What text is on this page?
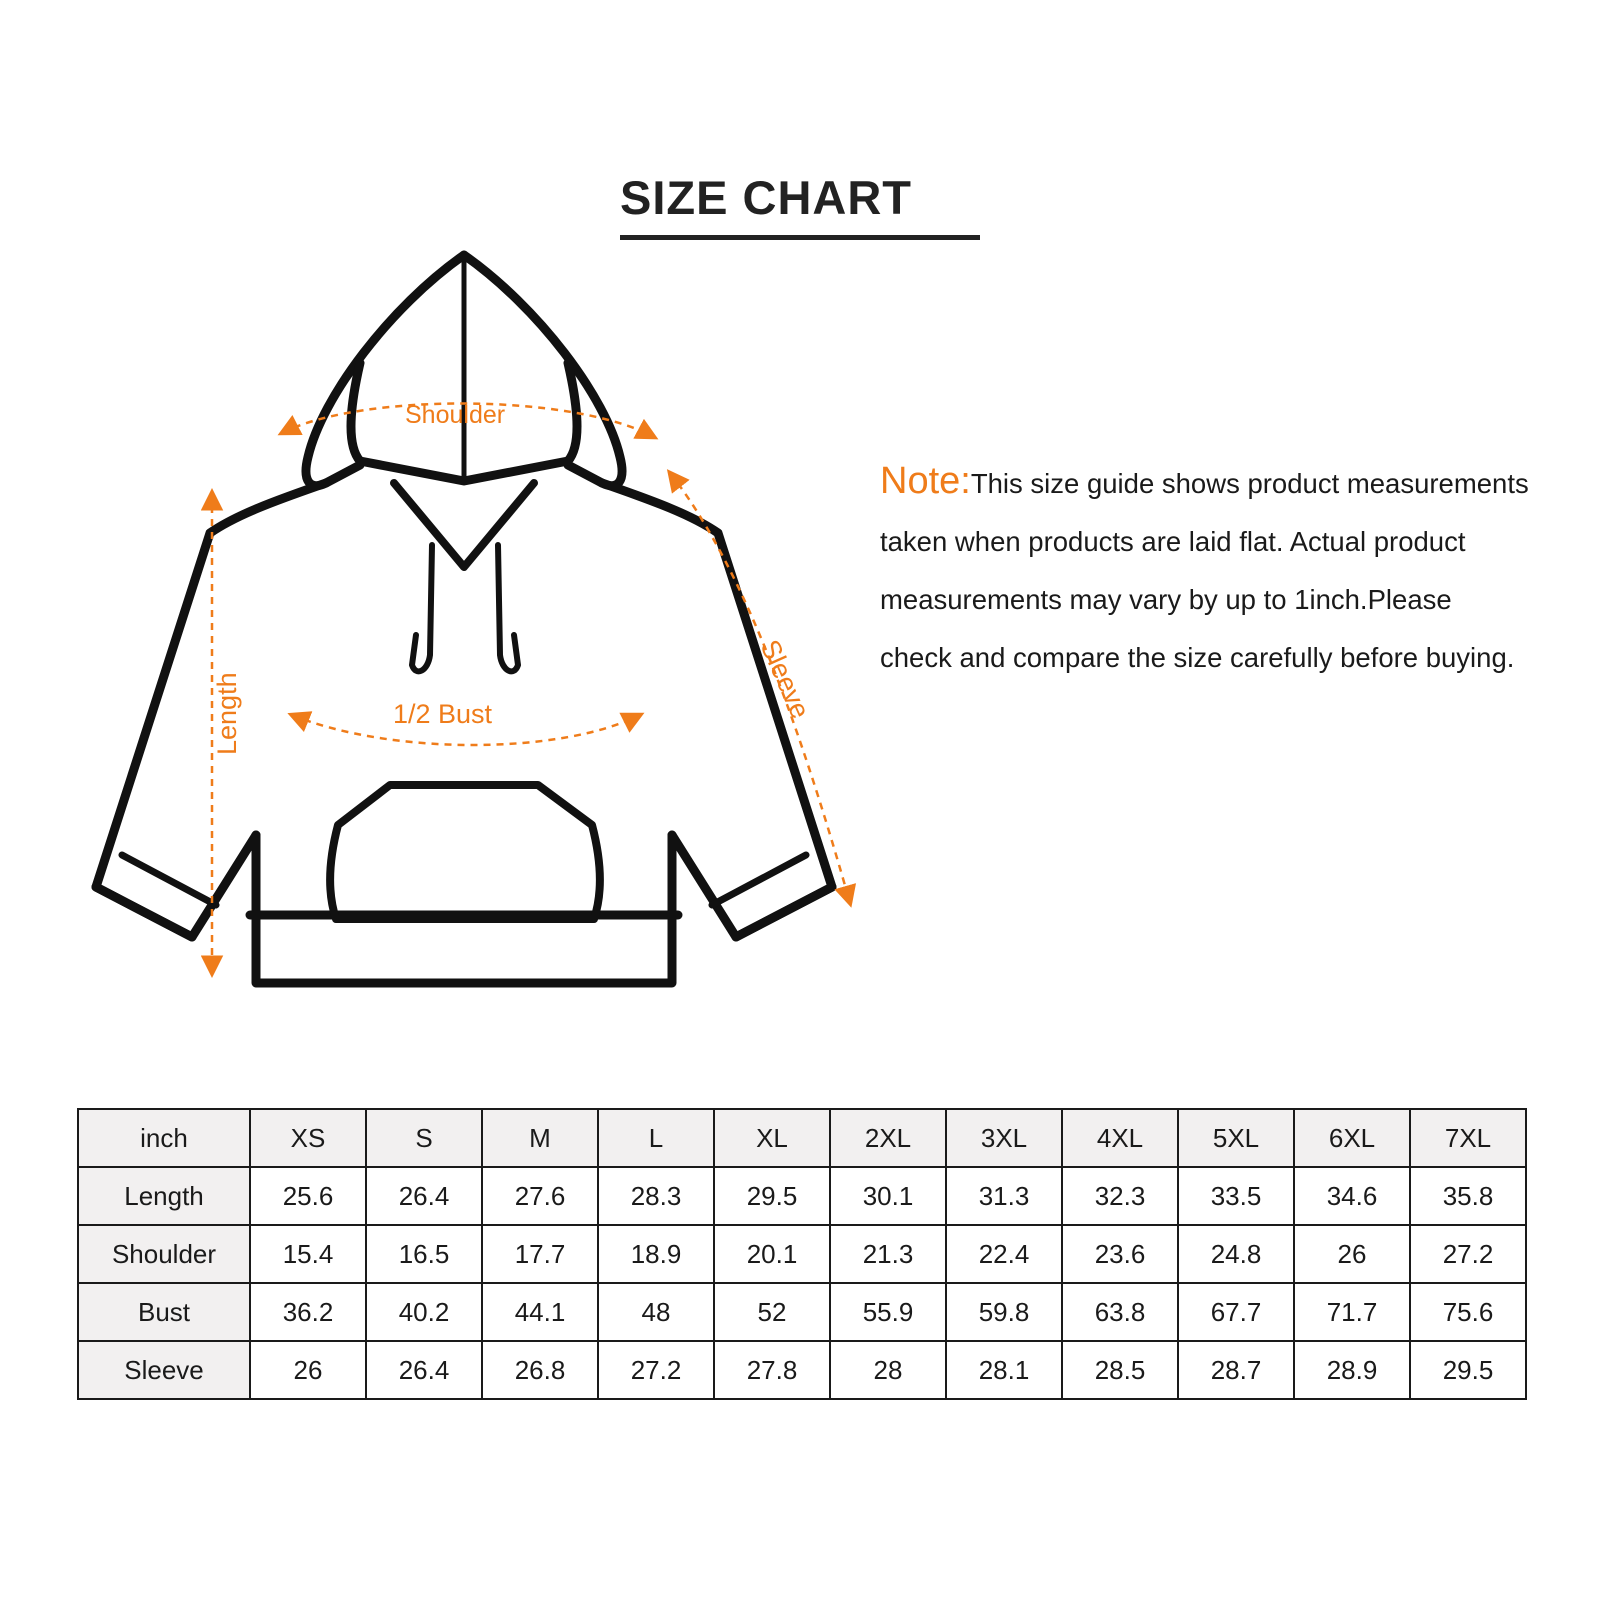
SIZE CHART
Shoulder
1/2 Bust
Length	Sleeve
Note:This size guide shows product measurements taken when products are laid flat. Actual product measurements may vary by up to 1inch.Please check and compare the size carefully before buying.
inch	XS	S	M	L	XL	2XL	3XL	4XL	5XL	6XL	7XL
Length	25.6	26.4	27.6	28.3	29.5	30.1	31.3	32.3	33.5	34.6	35.8
Shoulder	15.4	16.5	17.7	18.9	20.1	21.3	22.4	23.6	24.8	26	27.2
Bust	36.2	40.2	44.1	48	52	55.9	59.8	63.8	67.7	71.7	75.6
Sleeve	26	26.4	26.8	27.2	27.8	28	28.1	28.5	28.7	28.9	29.5
